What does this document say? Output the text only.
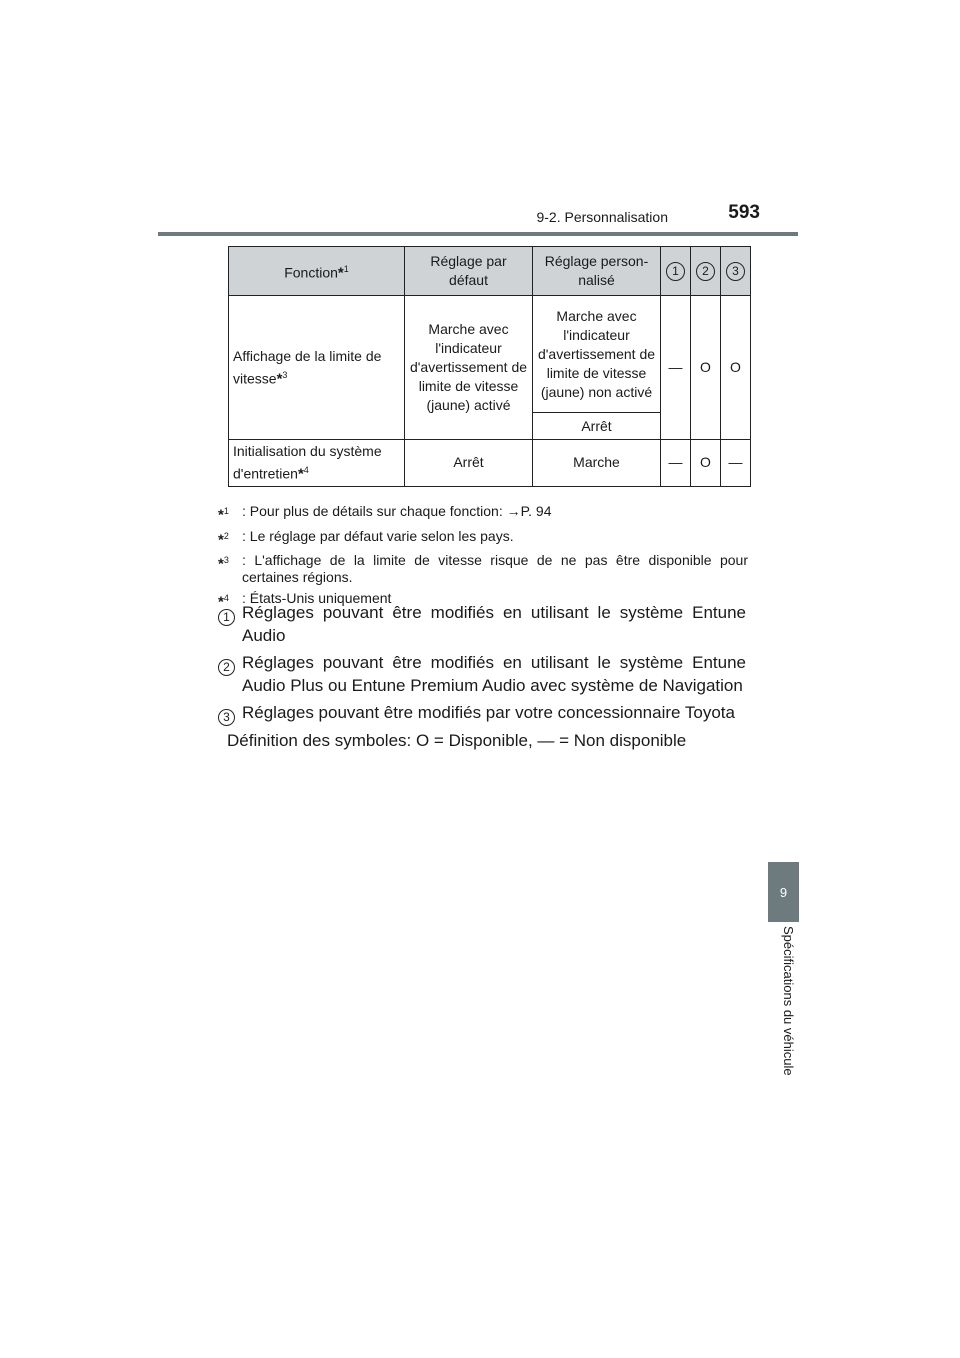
9-2. Personnalisation	593
9
Spécifications du véhicule
Fonction*$^1$	Réglage par défaut	Réglage person-nalisé	1	2	3
Affichage de la limite de vitesse*$^3$	Marche avec l'indicateur d'avertissement de limite de vitesse (jaune) activé	Marche avec l'indicateur d'avertissement de limite de vitesse (jaune) non activé	—	O	O
		Arrêt			
Initialisation du système d'entretien*$^4$	Arrêt	Marche	—	O	—
*$^1$ : Pour plus de détails sur chaque fonction: →P. 94
*$^2$ : Le réglage par défaut varie selon les pays.
*$^3$ : L'affichage de la limite de vitesse risque de ne pas être disponible pour certaines régions.
*$^4$ : États-Unis uniquement
1 Réglages pouvant être modifiés en utilisant le système Entune Audio
2 Réglages pouvant être modifiés en utilisant le système Entune Audio Plus ou Entune Premium Audio avec système de Navigation
3 Réglages pouvant être modifiés par votre concessionnaire Toyota
Définition des symboles: O = Disponible, — = Non disponible
